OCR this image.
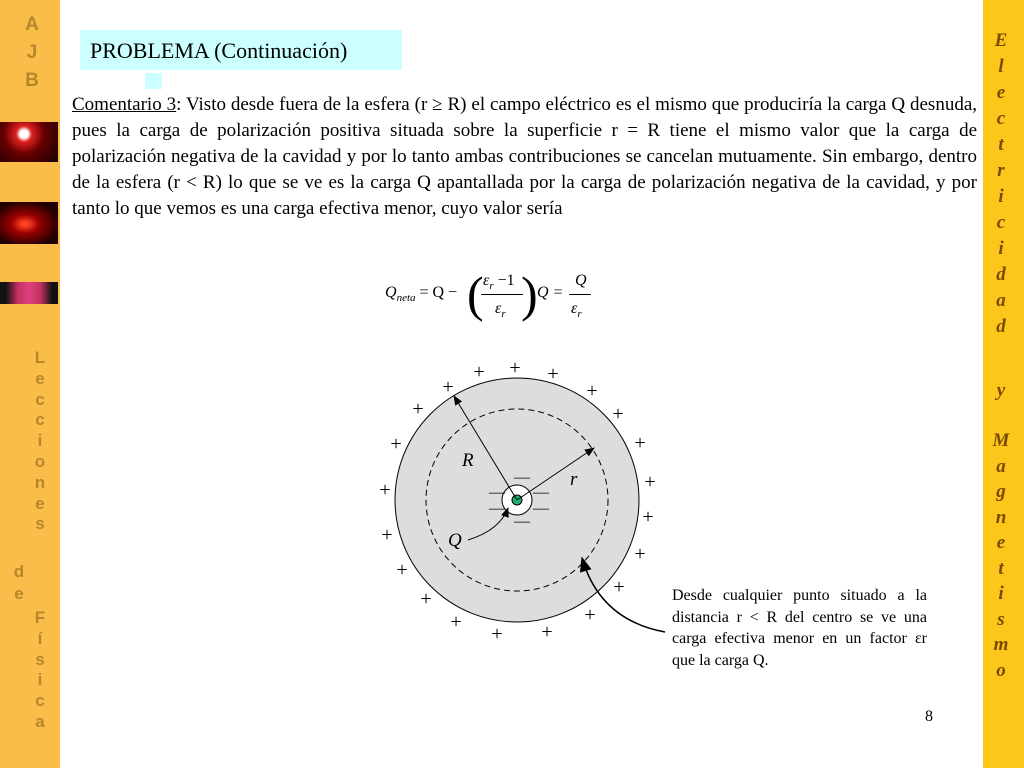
A
J
B
L
e
c
c
i
o
n
e
s
d
e
F
í
s
i
c
a
E
l
e
c
t
r
i
c
i
d
a
d
y
M
a
g
n
e
t
i
s
m
o
PROBLEMA (Continuación)
Comentario 3: Visto desde fuera de la esfera (r ≥ R) el campo eléctrico es el mismo que produciría la carga Q desnuda, pues la carga de polarización positiva situada sobre la superficie r = R tiene el mismo valor que la carga de polarización negativa de la cavidad y por lo tanto ambas contribuciones se cancelan mutuamente. Sin embargo, dentro de la esfera (r < R) lo que se ve es la carga Q apantallada por la carga de polarización negativa de la cavidad, y por tanto lo que vemos es una carga efectiva menor, cuyo valor sería
$Q_{neta} = Q$ − ( $\varepsilon_r -1$
$\varepsilon_r$ ) Q =
Q
$\varepsilon_r$
R
r
Q
—
— —
— —
—
+
+	+
+	+
+	+
+	+
+	+
+
+
+
+
+
+
+	+
+ +
Desde cualquier punto situado a la distancia r < R del centro se ve una carga efectiva menor en un factor εr que la carga Q.
8
